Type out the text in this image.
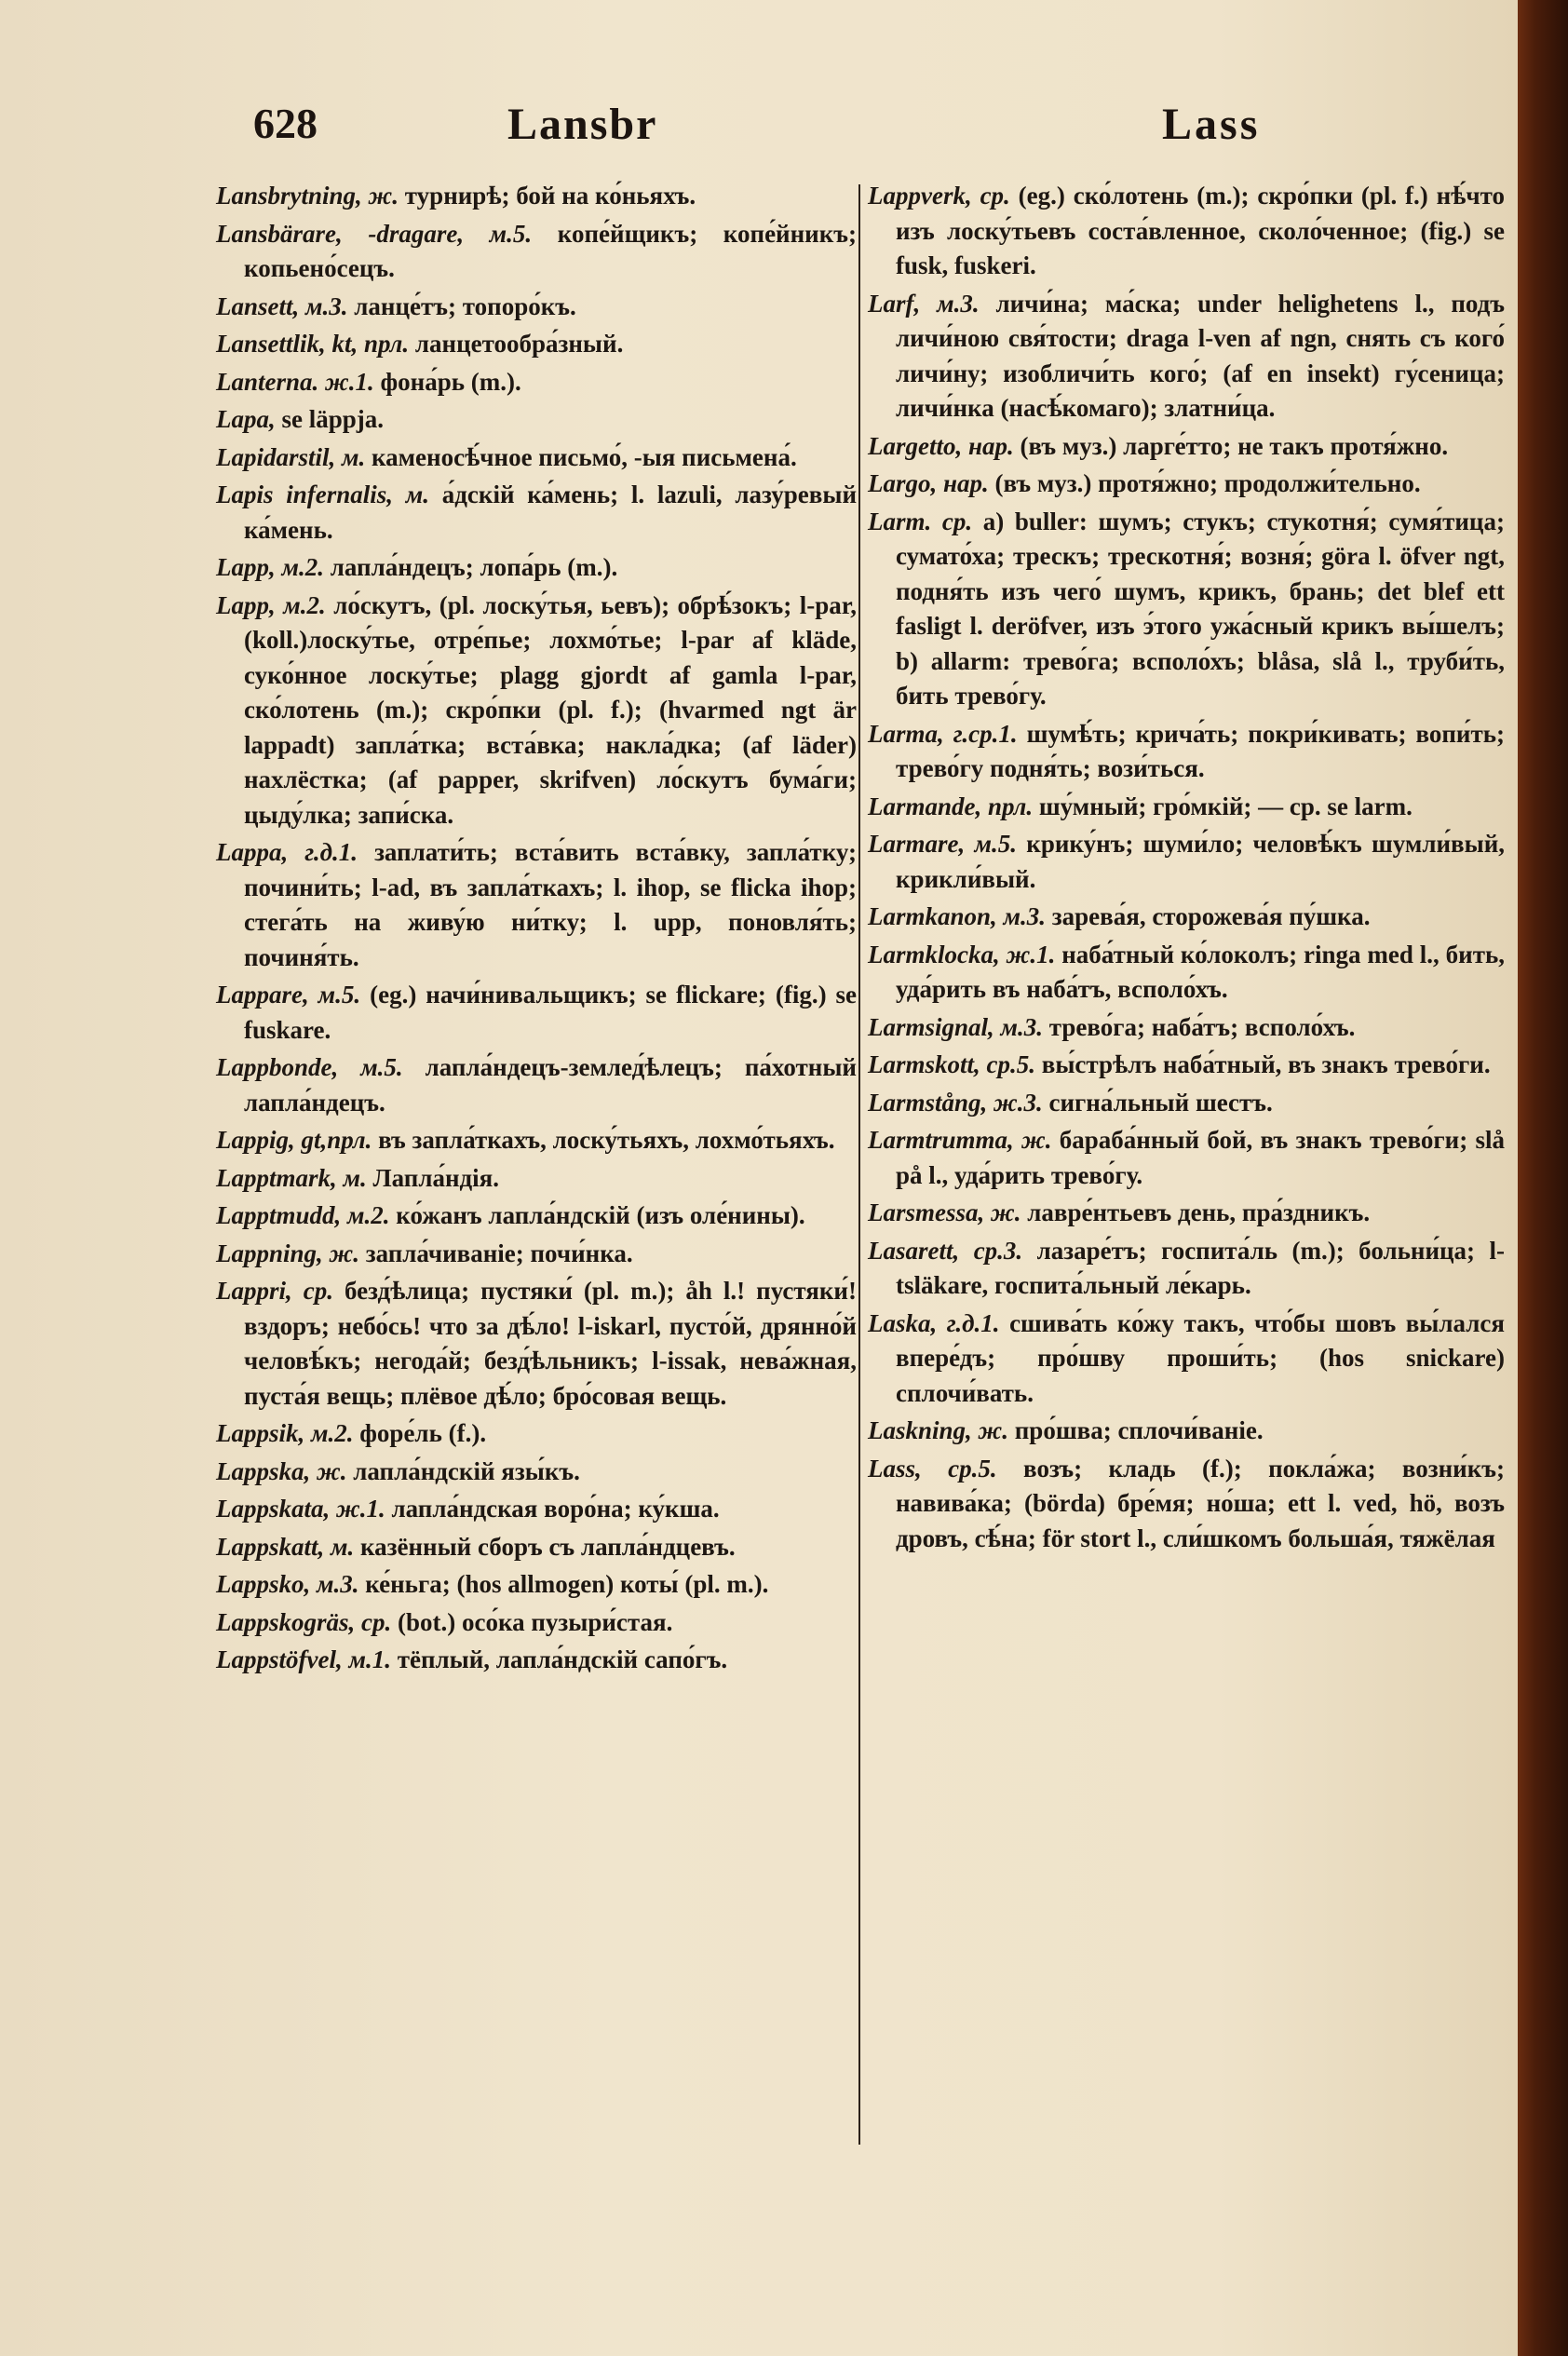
628	Lansbr	Lass
Lansbrytning, ж. турнирѣ; бой на ко́ньяхъ.
Lansbärare, -dragare, м.5. копе́йщикъ; копе́йникъ; копьено́сецъ.
Lansett, м.3. ланце́тъ; топоро́къ.
Lansettlik, kt, прл. ланцетообра́зный.
Lanterna. ж.1. фона́рь (m.).
Lapa, se läppja.
Lapidarstil, м. каменосѣ́чное письмо́, -ыя письмена́.
Lapis infernalis, м. а́дскій ка́мень; l. lazuli, лазу́ревый ка́мень.
Lapp, м.2. лапла́ндецъ; лопа́рь (m.).
Lapp, м.2. ло́скутъ, (pl. лоску́тья, ьевъ); обрѣ́зокъ; l-par, (koll.)лоску́тье, отре́пье; лохмо́тье; l-par af kläde, суко́нное лоску́тье; plagg gjordt af gamla l-par, ско́лотень (m.); скро́пки (pl. f.); (hvarmed ngt är lappadt) запла́тка; вста́вка; накла́дка; (af läder) нахлёстка; (af papper, skrifven) ло́скутъ бума́ги; цыду́лка; запи́ска.
Lappa, г.д.1. заплати́ть; вста́вить вста́вку, запла́тку; почини́ть; l-ad, въ запла́ткахъ; l. ihop, se flicka ihop; стега́ть на живу́ю ни́тку; l. upp, поновля́ть; починя́ть.
Lappare, м.5. (eg.) начи́нивальщикъ; se flickare; (fig.) se fuskare.
Lappbonde, м.5. лапла́ндецъ-землед́ѣлецъ; па́хотный лапла́ндецъ.
Lappig, gt,прл. въ запла́ткахъ, лоску́тьяхъ, лохмо́тьяхъ.
Lapptmark, м. Лапла́ндія.
Lapptmudd, м.2. ко́жанъ лапла́ндскій (изъ оле́нины).
Lappning, ж. запла́чиваніе; почи́нка.
Lappri, ср. безд́ѣлица; пустяки́ (pl. m.); åh l.! пустяки́! вздоръ; небо́сь! что за дѣ́ло! l-iskarl, пусто́й, дрянно́й человѣ́къ; негода́й; безд́ѣльникъ; l-issak, нева́жная, пуста́я вещь; плёвое дѣ́ло; бро́совая вещь.
Lappsik, м.2. форе́ль (f.).
Lappska, ж. лапла́ндскій язы́къ.
Lappskata, ж.1. лапла́ндская воро́на; ку́кша.
Lappskatt, м. казённый сборъ съ лапла́ндцевъ.
Lappsko, м.3. ке́ньга; (hos allmogen) коты́ (pl. m.).
Lappskogräs, ср. (bot.) осо́ка пузыри́стая.
Lappstöfvel, м.1. тёплый, лапла́ндскій сапо́гъ.
Lappverk, ср. (eg.) ско́лотень (m.); скро́пки (pl. f.) нѣ́что изъ лоску́тьевъ соста́вленное, сколо́ченное; (fig.) se fusk, fuskeri.
Larf, м.3. личи́на; ма́ска; under helighetens l., подъ личи́ною свя́тости; draga l-ven af ngn, снять съ кого́ личи́ну; изобличи́ть кого́; (af en insekt) гу́сеница; личи́нка (насѣ́комаго); златни́ца.
Largetto, нар. (въ муз.) ларге́тто; не такъ протя́жно.
Largo, нар. (въ муз.) протя́жно; продолжи́тельно.
Larm. ср. a) buller: шумъ; стукъ; стукотня́; сумя́тица; сумато́ха; трескъ; трескотня́; возня́; göra l. öfver ngt, подня́ть изъ чего́ шумъ, крикъ, брань; det blef ett fasligt l. deröfver, изъ э́того ужа́сный крикъ вы́шелъ; b) allarm: трево́га; всполо́хъ; blåsa, slå l., труби́ть, бить трево́гу.
Larma, г.ср.1. шумѣ́ть; крича́ть; покри́кивать; вопи́ть; трево́гу подня́ть; вози́ться.
Larmande, прл. шу́мный; гро́мкій; — ср. se larm.
Larmare, м.5. крику́нъ; шуми́ло; человѣ́къ шумли́вый, крикли́вый.
Larmkanon, м.3. зарева́я, сторожева́я пу́шка.
Larmklocka, ж.1. наба́тный ко́локолъ; ringa med l., бить, уда́рить въ наба́тъ, всполо́хъ.
Larmsignal, м.3. трево́га; наба́тъ; всполо́хъ.
Larmskott, ср.5. вы́стрѣлъ наба́тный, въ знакъ трево́ги.
Larmstång, ж.3. сигна́льный шестъ.
Larmtrumma, ж. бараба́нный бой, въ знакъ трево́ги; slå på l., уда́рить трево́гу.
Larsmessa, ж. лавре́нтьевъ день, пра́здникъ.
Lasarett, ср.3. лазаре́тъ; госпита́ль (m.); больни́ца; l-tsläkare, госпита́льный ле́карь.
Laska, г.д.1. сшива́ть ко́жу такъ, что́бы шовъ вы́лался впере́дъ; про́шву проши́ть; (hos snickare) сплочи́вать.
Laskning, ж. про́шва; сплочи́ваніе.
Lass, ср.5. возъ; кладь (f.); покла́жа; возни́къ; навива́ка; (börda) бре́мя; но́ша; ett l. ved, hö, возъ дровъ, сѣ́на; för stort l., сли́шкомъ больша́я, тяжёлая
